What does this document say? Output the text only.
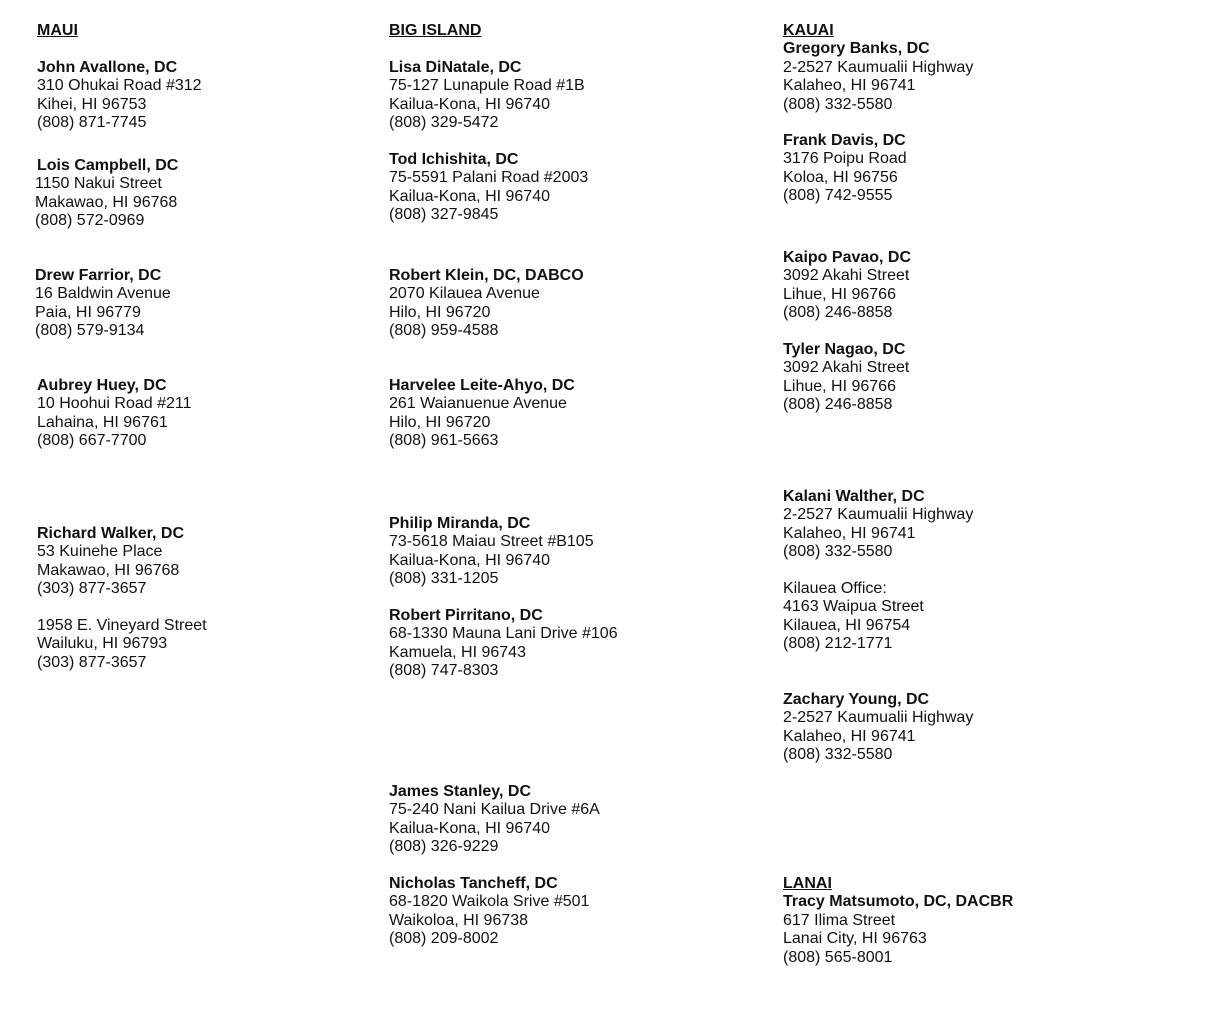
MAUI
John Avallone, DC
310 Ohukai Road #312
Kihei, HI 96753
(808) 871-7745
Lois Campbell, DC
1150 Nakui Street
Makawao, HI 96768
(808) 572-0969
Drew Farrior, DC
16 Baldwin Avenue
Paia, HI 96779
(808) 579-9134
Aubrey Huey, DC
10 Hoohui Road #211
Lahaina, HI 96761
(808) 667-7700
Richard Walker, DC
53 Kuinehe Place
Makawao, HI 96768
(303) 877-3657
1958 E. Vineyard Street
Wailuku, HI 96793
(303) 877-3657
BIG ISLAND
Lisa DiNatale, DC
75-127 Lunapule Road #1B
Kailua-Kona, HI 96740
(808) 329-5472
Tod Ichishita, DC
75-5591 Palani Road #2003
Kailua-Kona, HI 96740
(808) 327-9845
Robert Klein, DC, DABCO
2070 Kilauea Avenue
Hilo, HI 96720
(808) 959-4588
Harvelee Leite-Ahyo, DC
261 Waianuenue Avenue
Hilo, HI 96720
(808) 961-5663
Philip Miranda, DC
73-5618 Maiau Street #B105
Kailua-Kona, HI 96740
(808) 331-1205
Robert Pirritano, DC
68-1330 Mauna Lani Drive #106
Kamuela, HI 96743
(808) 747-8303
James Stanley, DC
75-240 Nani Kailua Drive #6A
Kailua-Kona, HI 96740
(808) 326-9229
Nicholas Tancheff, DC
68-1820 Waikola Srive #501
Waikoloa, HI 96738
(808) 209-8002
KAUAI
Gregory Banks, DC
2-2527 Kaumualii Highway
Kalaheo, HI 96741
(808) 332-5580
Frank Davis, DC
3176 Poipu Road
Koloa, HI 96756
(808) 742-9555
Kaipo Pavao, DC
3092 Akahi Street
Lihue, HI 96766
(808) 246-8858
Tyler Nagao, DC
3092 Akahi Street
Lihue, HI 96766
(808) 246-8858
Kalani Walther, DC
2-2527 Kaumualii Highway
Kalaheo, HI 96741
(808) 332-5580
Kilauea Office:
4163 Waipua Street
Kilauea, HI 96754
(808) 212-1771
Zachary Young, DC
2-2527 Kaumualii Highway
Kalaheo, HI 96741
(808) 332-5580
LANAI
Tracy Matsumoto, DC, DACBR
617 Ilima Street
Lanai City, HI 96763
(808) 565-8001
